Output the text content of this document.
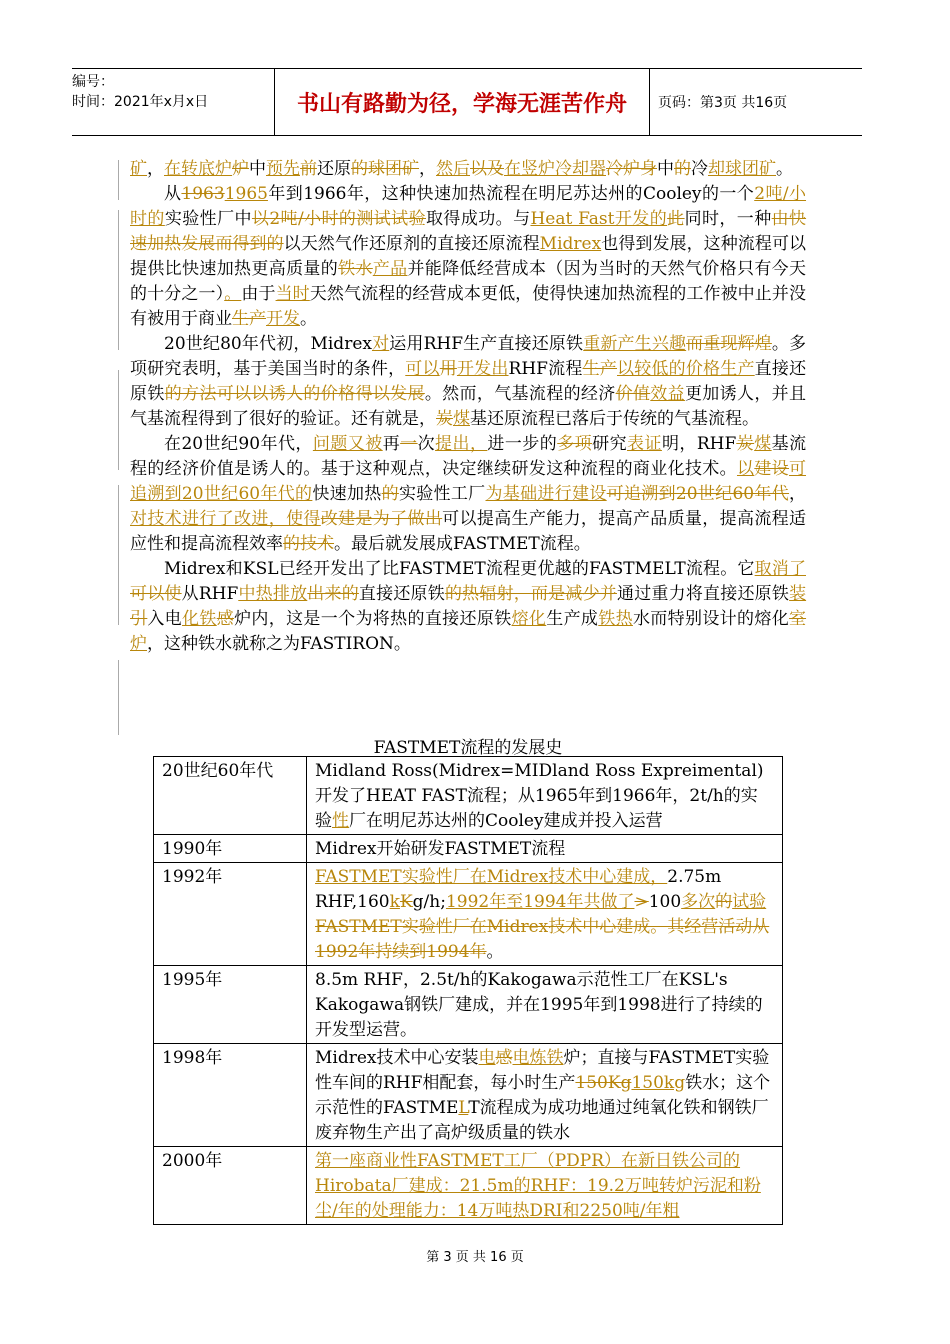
编号：
时间：2021年x月x日	书山有路勤为径，学海无涯苦作舟	页码：第3页 共16页

矿，在转底炉炉中预先前还原的球团矿，然后以及在竖炉冷却器冷炉身中的冷却球团矿。

从19631965年到1966年，这种快速加热流程在明尼苏达州的Cooley的一个2吨/小时的实验性厂中以2吨/小时的测试试验取得成功。与Heat Fast开发的此同时，一种由快速加热发展而得到的以天然气作还原剂的直接还原流程Midrex也得到发展，这种流程可以提供比快速加热更高质量的铁水产品并能降低经营成本（因为当时的天然气价格只有今天的十分之一）。由于当时天然气流程的经营成本更低，使得快速加热流程的工作被中止并没有被用于商业生产开发。

20世纪80年代初，Midrex对运用RHF生产直接还原铁重新产生兴趣而重现辉煌。多项研究表明，基于美国当时的条件，可以用开发出RHF流程生产以较低的价格生产直接还原铁的方法可以以诱人的价格得以发展。然而，气基流程的经济价值效益更加诱人，并且气基流程得到了很好的验证。还有就是，炭煤基还原流程已落后于传统的气基流程。

在20世纪90年代，问题又被再一次提出，进一步的多项研究表证明，RHF炭煤基流程的经济价值是诱人的。基于这种观点，决定继续研发这种流程的商业化技术。以建设可追溯到20世纪60年代的快速加热的实验性工厂为基础进行建设可追溯到20世纪60年代，对技术进行了改进，使得改建是为了做出可以提高生产能力，提高产品质量，提高流程适应性和提高流程效率的技术。最后就发展成FASTMET流程。

Midrex和KSL已经开发出了比FASTMET流程更优越的FASTMELT流程。它取消了可以使从RHF中热排放出来的直接还原铁的热辐射，而是减少并通过重力将直接还原铁装引入电化铁感炉内，这是一个为将热的直接还原铁熔化生产成铁热水而特别设计的熔化室炉，这种铁水就称之为FASTIRON。

FASTMET流程的发展史
20世纪60年代	Midland Ross(Midrex=MIDland Ross Expreimental)开发了HEAT FAST流程；从1965年到1966年，2t/h的实验性厂在明尼苏达州的Cooley建成并投入运营
1990年	Midrex开始研发FASTMET流程
1992年	FASTMET实验性厂在Midrex技术中心建成，2.75m RHF,160kKg/h;1992年至1994年共做了>100多次的试验FASTMET实验性厂在Midrex技术中心建成。其经营活动从1992年持续到1994年。
1995年	8.5m RHF，2.5t/h的Kakogawa示范性工厂在KSL's Kakogawa钢铁厂建成，并在1995年到1998进行了持续的开发型运营。
1998年	Midrex技术中心安装电感电炼铁炉；直接与FASTMET实验性车间的RHF相配套，每小时生产150Kg150kg铁水；这个示范性的FASTMELT流程成为成功地通过纯氧化铁和钢铁厂废弃物生产出了高炉级质量的铁水
2000年	第一座商业性FASTMET工厂（PDPR）在新日铁公司的Hirobata厂建成：21.5m的RHF：19.2万吨转炉污泥和粉尘/年的处理能力：14万吨热DRI和2250吨/年粗
第 3 页 共 16 页
